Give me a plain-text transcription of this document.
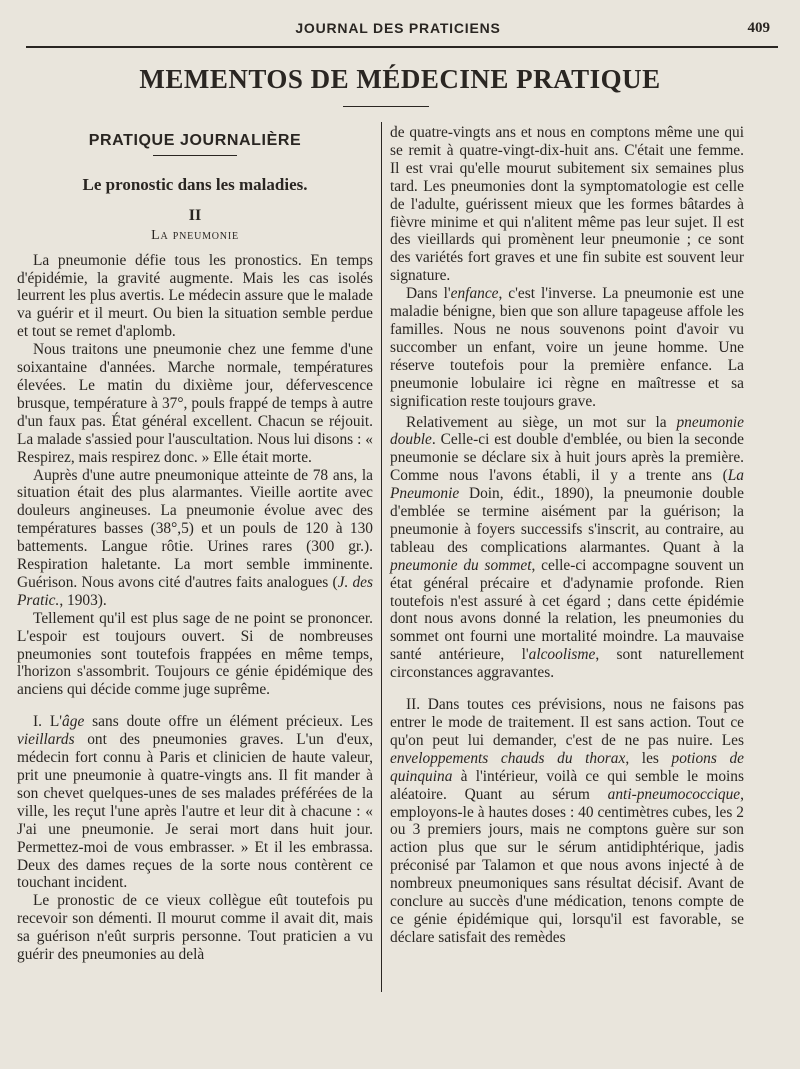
JOURNAL DES PRATICIENS	409
MEMENTOS DE MÉDECINE PRATIQUE
PRATIQUE JOURNALIÈRE
Le pronostic dans les maladies.
II
La pneumonie

La pneumonie défie tous les pronostics. En temps d'épidémie, la gravité augmente. Mais les cas isolés leurrent les plus avertis. Le médecin assure que le malade va guérir et il meurt. Ou bien la situation semble perdue et tout se remet d'aplomb.

Nous traitons une pneumonie chez une femme d'une soixantaine d'années. Marche normale, températures élevées. Le matin du dixième jour, défervescence brusque, température à 37°, pouls frappé de temps à autre d'un faux pas. État général excellent. Chacun se réjouit. La malade s'assied pour l'auscultation. Nous lui disons : « Respirez, mais respirez donc. » Elle était morte.

Auprès d'une autre pneumonique atteinte de 78 ans, la situation était des plus alarmantes. Vieille aortite avec douleurs angineuses. La pneumonie évolue avec des températures basses (38°,5) et un pouls de 120 à 130 battements. Langue rôtie. Urines rares (300 gr.). Respiration haletante. La mort semble imminente. Guérison. Nous avons cité d'autres faits analogues (J. des Pratic., 1903).

Tellement qu'il est plus sage de ne point se prononcer. L'espoir est toujours ouvert. Si de nombreuses pneumonies sont toutefois frappées en même temps, l'horizon s'assombrit. Toujours ce génie épidémique des anciens qui décide comme juge suprême.

I. L'âge sans doute offre un élément précieux. Les vieillards ont des pneumonies graves. L'un d'eux, médecin fort connu à Paris et clinicien de haute valeur, prit une pneumonie à quatre-vingts ans. Il fit mander à son chevet quelques-unes de ses malades préférées de la ville, les reçut l'une après l'autre et leur dit à chacune : « J'ai une pneumonie. Je serai mort dans huit jour. Permettez-moi de vous embrasser. » Et il les embrassa. Deux des dames reçues de la sorte nous contèrent ce touchant incident.

Le pronostic de ce vieux collègue eût toutefois pu recevoir son démenti. Il mourut comme il avait dit, mais sa guérison n'eût surpris personne. Tout praticien a vu guérir des pneumonies au delà

de quatre-vingts ans et nous en comptons même une qui se remit à quatre-vingt-dix-huit ans. C'était une femme. Il est vrai qu'elle mourut subitement six semaines plus tard. Les pneumonies dont la symptomatologie est celle de l'adulte, guérissent mieux que les formes bâtardes à fièvre minime et qui n'alitent même pas leur sujet. Il est des vieillards qui promènent leur pneumonie ; ce sont des variétés fort graves et une fin subite est souvent leur signature.

Dans l'enfance, c'est l'inverse. La pneumonie est une maladie bénigne, bien que son allure tapageuse affole les familles. Nous ne nous souvenons point d'avoir vu succomber un enfant, voire un jeune homme. Une réserve toutefois pour la première enfance. La pneumonie lobulaire ici règne en maîtresse et sa signification reste toujours grave.

Relativement au siège, un mot sur la pneumonie double. Celle-ci est double d'emblée, ou bien la seconde pneumonie se déclare six à huit jours après la première. Comme nous l'avons établi, il y a trente ans (La Pneumonie Doin, édit., 1890), la pneumonie double d'emblée se termine aisément par la guérison; la pneumonie à foyers successifs s'inscrit, au contraire, au tableau des complications alarmantes. Quant à la pneumonie du sommet, celle-ci accompagne souvent un état général précaire et d'adynamie profonde. Rien toutefois n'est assuré à cet égard ; dans cette épidémie dont nous avons donné la relation, les pneumonies du sommet ont fourni une mortalité moindre. La mauvaise santé antérieure, l'alcoolisme, sont naturellement circonstances aggravantes.

II. Dans toutes ces prévisions, nous ne faisons pas entrer le mode de traitement. Il est sans action. Tout ce qu'on peut lui demander, c'est de ne pas nuire. Les enveloppements chauds du thorax, les potions de quinquina à l'intérieur, voilà ce qui semble le moins aléatoire. Quant au sérum anti-pneumococcique, employons-le à hautes doses : 40 centimètres cubes, les 2 ou 3 premiers jours, mais ne comptons guère sur son action plus que sur le sérum antidiphtérique, jadis préconisé par Talamon et que nous avons injecté à de nombreux pneumoniques sans résultat décisif. Avant de conclure au succès d'une médication, tenons compte de ce génie épidémique qui, lorsqu'il est favorable, se déclare satisfait des remèdes
